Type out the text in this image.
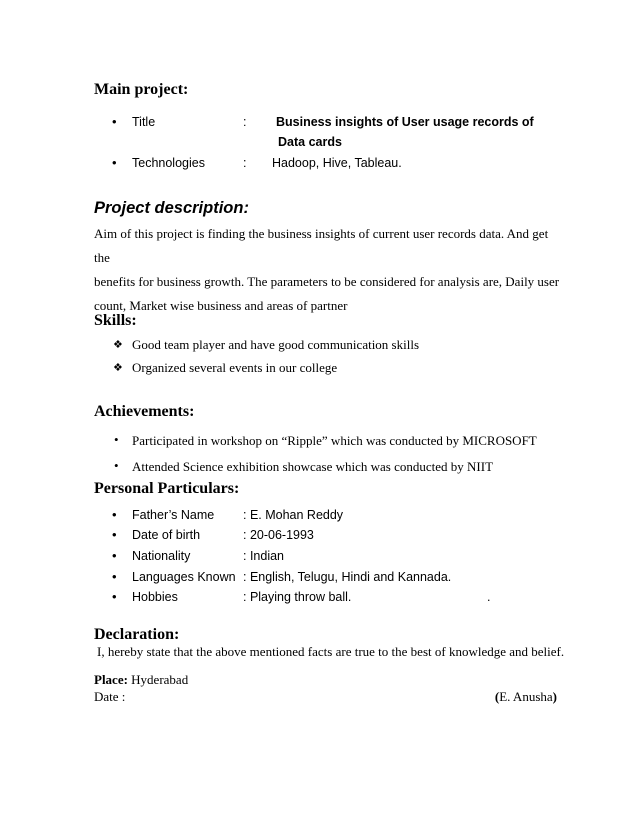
Main project:
• Title	: Business insights of User usage records of
Data cards
• Technologies	: Hadoop, Hive, Tableau.
Project description:
Aim of this project is finding the business insights of current user records data. And get the
benefits for business growth. The parameters to be considered for analysis are, Daily user
count, Market wise business and areas of partner
Skills:
❖ Good team player and have good communication skills
❖ Organized several events in our college
Achievements:
• Participated in workshop on “Ripple” which was conducted by MICROSOFT
• Attended Science exhibition showcase which was conducted by NIIT
Personal Particulars:
• Father’s Name : E. Mohan Reddy
• Date of birth	: 20-06-1993
• Nationality	: Indian
• Languages Known : English, Telugu, Hindi and Kannada.
• Hobbies	: Playing throw ball.	.
Declaration:
I, hereby state that the above mentioned facts are true to the best of knowledge and belief.
Place: Hyderabad
Date :	(E. Anusha)
